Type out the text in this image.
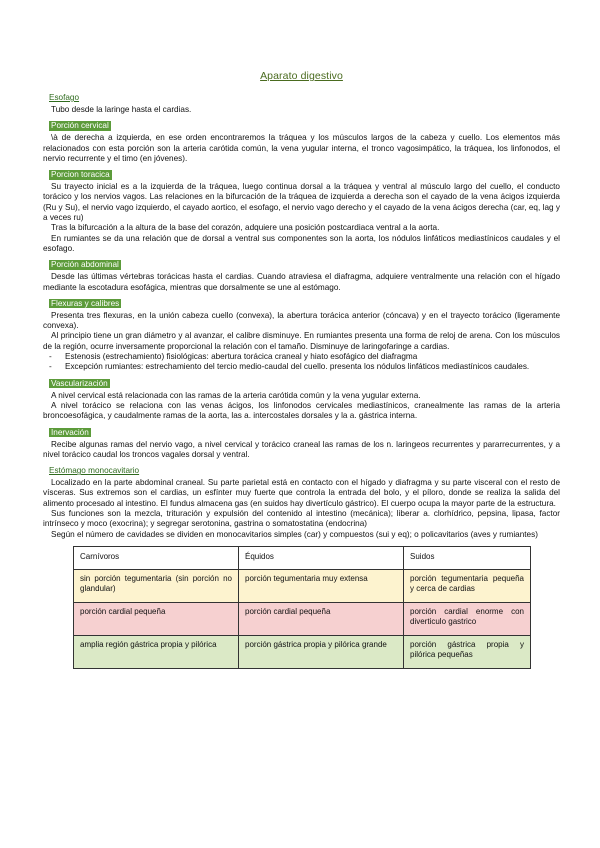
Aparato digestivo
Esofago

Tubo desde la laringe hasta el cardias.

Porción cervical

\à de derecha a izquierda, en ese orden encontraremos la tráquea y los músculos largos de la cabeza y cuello. Los elementos más relacionados con esta porción son la arteria carótida común, la vena yugular interna, el tronco vagosimpático, la tráquea, los linfonodos, el nervio recurrente y el timo (en jóvenes).

Porcion toracica

Su trayecto inicial es a la izquierda de la tráquea, luego continua dorsal a la tráquea y ventral al músculo largo del cuello, el conducto torácico y los nervios vagos. Las relaciones en la bifurcación de la tráquea de izquierda a derecha son el cayado de la vena ácigos izquierda (Ru y Su), el nervio vago izquierdo, el cayado aortico, el esofago, el nervio vago derecho y el cayado de la vena ácigos derecha (car, eq, lag y a veces ru)

Tras la bifurcación a la altura de la base del corazón, adquiere una posición postcardiaca ventral a la aorta.

En rumiantes se da una relación que de dorsal a ventral sus componentes son la aorta, los nódulos linfáticos mediastínicos caudales y el esofago.

Porción abdominal

Desde las últimas vértebras torácicas hasta el cardias. Cuando atraviesa el diafragma, adquiere ventralmente una relación con el hígado mediante la escotadura esofágica, mientras que dorsalmente se une al estómago.

Flexuras y calibres

Presenta tres flexuras, en la unión cabeza cuello (convexa), la abertura torácica anterior (cóncava) y en el trayecto torácico (ligeramente convexa).

Al principio tiene un gran diámetro y al avanzar, el calibre disminuye. En rumiantes presenta una forma de reloj de arena. Con los músculos de la región, ocurre inversamente proporcional la relación con el tamaño. Disminuye de laringofaringe a cardias.

-	Estenosis (estrechamiento) fisiológicas: abertura torácica craneal y hiato esofágico del diafragma
-	Excepción rumiantes: estrechamiento del tercio medio-caudal del cuello. presenta los nódulos linfáticos mediastínicos caudales.
Vascularización

A nivel cervical está relacionada con las ramas de la arteria carótida común y la vena yugular externa.

A nivel torácico se relaciona con las venas ácigos, los linfonodos cervicales mediastínicos, cranealmente las ramas de la arteria broncoesofágica, y caudalmente ramas de la aorta, las a. intercostales dorsales y la a. gástrica interna.

Inervación

Recibe algunas ramas del nervio vago, a nivel cervical y torácico craneal las ramas de los n. laringeos recurrentes y pararrecurrentes, y a nivel torácico caudal los troncos vagales dorsal y ventral.

Estómago monocavitario

Localizado en la parte abdominal craneal. Su parte parietal está en contacto con el hígado y diafragma y su parte visceral con el resto de vísceras. Sus extremos son el cardias, un esfínter muy fuerte que controla la entrada del bolo, y el píloro, donde se realiza la salida del alimento procesado al intestino. El fundus almacena gas (en suidos hay divertículo gástrico). El cuerpo ocupa la mayor parte de la estructura.

Sus funciones son la mezcla, trituración y expulsión del contenido al intestino (mecánica); liberar a. clorhídrico, pepsina, lipasa, factor intrínseco y moco (exocrina); y segregar serotonina, gastrina o somatostatina (endocrina)

Según el número de cavidades se dividen en monocavitarios simples (car) y compuestos (sui y eq); o policavitarios (aves y rumiantes)

Carnívoros	Équidos	Suidos
sin porción tegumentaria (sin porción no glandular)	porción tegumentaria muy extensa	porción tegumentaria pequeña y cerca de cardias
porción cardial pequeña	porción cardial pequeña	porción cardial enorme con diverticulo gastrico
amplia región gástrica propia y pilórica	porción gástrica propia y pilórica grande	porción gástrica propia y pilórica pequeñas
